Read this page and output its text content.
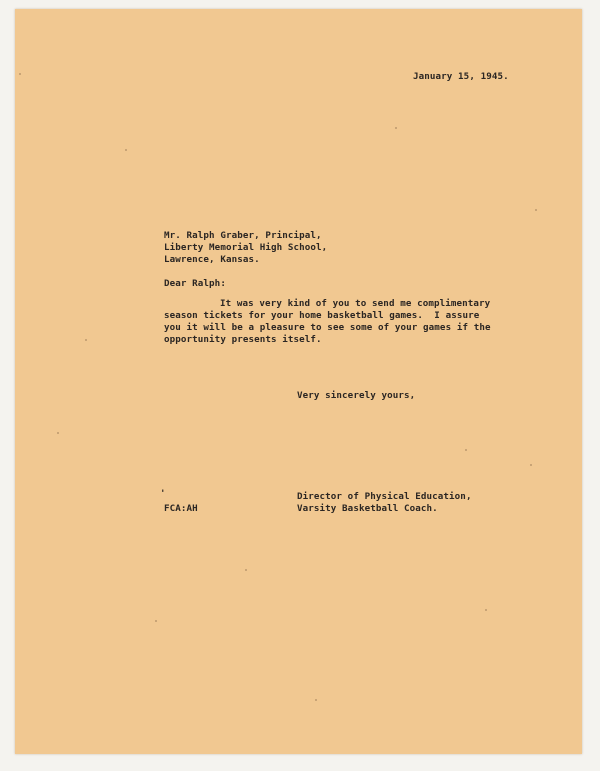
January 15, 1945.
Mr. Ralph Graber, Principal,
Liberty Memorial High School,
Lawrence, Kansas.
Dear Ralph:
It was very kind of you to send me complimentary
season tickets for your home basketball games.  I assure
you it will be a pleasure to see some of your games if the
opportunity presents itself.
Very sincerely yours,
'	Director of Physical Education,
Varsity Basketball Coach.
FCA:AH
